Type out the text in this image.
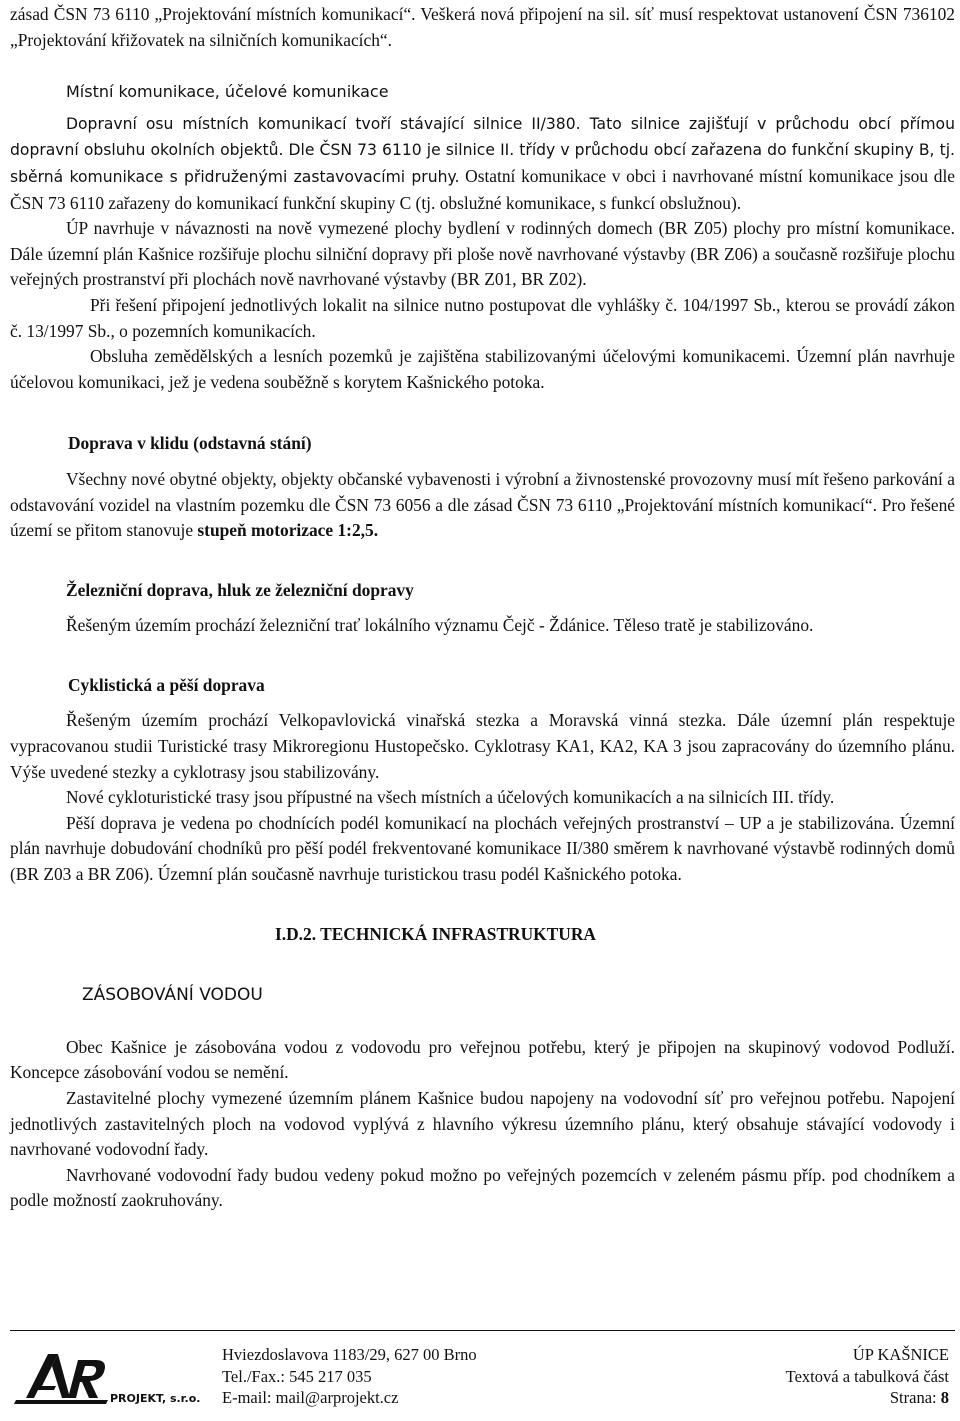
zásad ČSN 73 6110 „Projektování místních komunikací“. Veškerá nová připojení na sil. síť musí respektovat ustanovení ČSN 736102 „Projektování křižovatek na silničních komunikacích“.

Místní komunikace, účelové komunikace

Dopravní osu místních komunikací tvoří stávající silnice II/380. Tato silnice zajišťují v průchodu obcí přímou dopravní obsluhu okolních objektů. Dle ČSN 73 6110 je silnice II. třídy v průchodu obcí zařazena do funkční skupiny B, tj. sběrná komunikace s přidruženými zastavovacími pruhy. Ostatní komunikace v obci i navrhované místní komunikace jsou dle ČSN 73 6110 zařazeny do komunikací funkční skupiny C (tj. obslužné komunikace, s funkcí obslužnou).

ÚP navrhuje v návaznosti na nově vymezené plochy bydlení v rodinných domech (BR Z05) plochy pro místní komunikace. Dále územní plán Kašnice rozšiřuje plochu silniční dopravy při ploše nově navrhované výstavby (BR Z06) a současně rozšiřuje plochu veřejných prostranství při plochách nově navrhované výstavby (BR Z01, BR Z02).

Při řešení připojení jednotlivých lokalit na silnice nutno postupovat dle vyhlášky č. 104/1997 Sb., kterou se provádí zákon č. 13/1997 Sb., o pozemních komunikacích.

Obsluha zemědělských a lesních pozemků je zajištěna stabilizovanými účelovými komunikacemi. Územní plán navrhuje účelovou komunikaci, jež je vedena souběžně s korytem Kašnického potoka.

Doprava v klidu (odstavná stání)

Všechny nové obytné objekty, objekty občanské vybavenosti i výrobní a živnostenské provozovny musí mít řešeno parkování a odstavování vozidel na vlastním pozemku dle ČSN 73 6056 a dle zásad ČSN 73 6110 „Projektování místních komunikací“. Pro řešené území se přitom stanovuje stupeň motorizace 1:2,5.

Železniční doprava, hluk ze železniční dopravy

Řešeným územím prochází železniční trať lokálního významu Čejč - Ždánice. Těleso tratě je stabilizováno.

Cyklistická a pěší doprava

Řešeným územím prochází Velkopavlovická vinařská stezka a Moravská vinná stezka. Dále územní plán respektuje vypracovanou studii Turistické trasy Mikroregionu Hustopečsko. Cyklotrasy KA1, KA2, KA 3 jsou zapracovány do územního plánu. Výše uvedené stezky a cyklotrasy jsou stabilizovány.

Nové cykloturistické trasy jsou přípustné na všech místních a účelových komunikacích a na silnicích III. třídy.

Pěší doprava je vedena po chodnících podél komunikací na plochách veřejných prostranství – UP a je stabilizována. Územní plán navrhuje dobudování chodníků pro pěší podél frekventované komunikace II/380 směrem k navrhované výstavbě rodinných domů (BR Z03 a BR Z06). Územní plán současně navrhuje turistickou trasu podél Kašnického potoka.

I.D.2. TECHNICKÁ INFRASTRUKTURA
ZÁSOBOVÁNÍ VODOU

Obec Kašnice je zásobována vodou z vodovodu pro veřejnou potřebu, který je připojen na skupinový vodovod Podluží. Koncepce zásobování vodou se nemění.

Zastavitelné plochy vymezené územním plánem Kašnice budou napojeny na vodovodní síť pro veřejnou potřebu. Napojení jednotlivých zastavitelných ploch na vodovod vyplývá z hlavního výkresu územního plánu, který obsahuje stávající vodovody i navrhované vodovodní řady.

Navrhované vodovodní řady budou vedeny pokud možno po veřejných pozemcích v zeleném pásmu příp. pod chodníkem a podle možností zaokruhovány.

PROJEKT, s.r.o.
Hviezdoslavova 1183/29, 627 00 Brno
Tel./Fax.: 545 217 035
E-mail: mail@arprojekt.cz
ÚP KAŠNICE
Textová a tabulková část
Strana: 8
